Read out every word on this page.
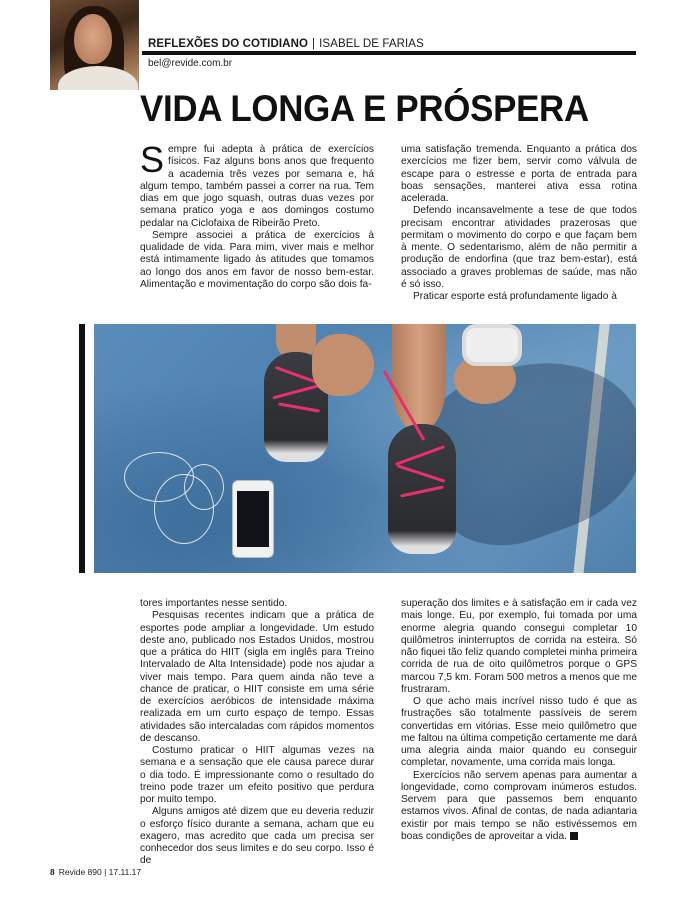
REFLEXÕES DO COTIDIANO | ISABEL DE FARIAS
bel@revide.com.br
VIDA LONGA E PRÓSPERA

Sempre fui adepta à prática de exercícios físicos. Faz alguns bons anos que frequento a academia três vezes por semana e, há algum tempo, também passei a correr na rua. Tem dias em que jogo squash, outras duas vezes por semana pratico yoga e aos domingos costumo pedalar na Ciclofaixa de Ribeirão Preto.

Sempre associei a prática de exercícios à qualidade de vida. Para mim, viver mais e melhor está intimamente ligado às atitudes que tomamos ao longo dos anos em favor de nosso bem-estar. Alimentação e movimentação do corpo são dois fa-

uma satisfação tremenda. Enquanto a prática dos exercícios me fizer bem, servir como válvula de escape para o estresse e porta de entrada para boas sensações, manterei ativa essa rotina acelerada.

Defendo incansavelmente a tese de que todos precisam encontrar atividades prazerosas que permitam o movimento do corpo e que façam bem à mente. O sedentarismo, além de não permitir a produção de endorfina (que traz bem-estar), está associado a graves problemas de saúde, mas não é só isso.

Praticar esporte está profundamente ligado à

tores importantes nesse sentido.

Pesquisas recentes indicam que a prática de esportes pode ampliar a longevidade. Um estudo deste ano, publicado nos Estados Unidos, mostrou que a prática do HIIT (sigla em inglês para Treino Intervalado de Alta Intensidade) pode nos ajudar a viver mais tempo. Para quem ainda não teve a chance de praticar, o HIIT consiste em uma série de exercícios aeróbicos de intensidade máxima realizada em um curto espaço de tempo. Essas atividades são intercaladas com rápidos momentos de descanso.

Costumo praticar o HIIT algumas vezes na semana e a sensação que ele causa parece durar o dia todo. É impressionante como o resultado do treino pode trazer um efeito positivo que perdura por muito tempo.

Alguns amigos até dizem que eu deveria reduzir o esforço físico durante a semana, acham que eu exagero, mas acredito que cada um precisa ser conhecedor dos seus limites e do seu corpo. Isso é de

superação dos limites e à satisfação em ir cada vez mais longe. Eu, por exemplo, fui tomada por uma enorme alegria quando consegui completar 10 quilômetros ininterruptos de corrida na esteira. Só não fiquei tão feliz quando completei minha primeira corrida de rua de oito quilômetros porque o GPS marcou 7,5 km. Foram 500 metros a menos que me frustraram.

O que acho mais incrível nisso tudo é que as frustrações são totalmente passíveis de serem convertidas em vitórias. Esse meio quilômetro que me faltou na última competição certamente me dará uma alegria ainda maior quando eu conseguir completar, novamente, uma corrida mais longa.

Exercícios não servem apenas para aumentar a longevidade, como comprovam inúmeros estudos. Servem para que passemos bem enquanto estamos vivos. Afinal de contas, de nada adiantaria existir por mais tempo se não estivéssemos em boas condições de aproveitar a vida.

8 Revide 890 | 17.11.17
